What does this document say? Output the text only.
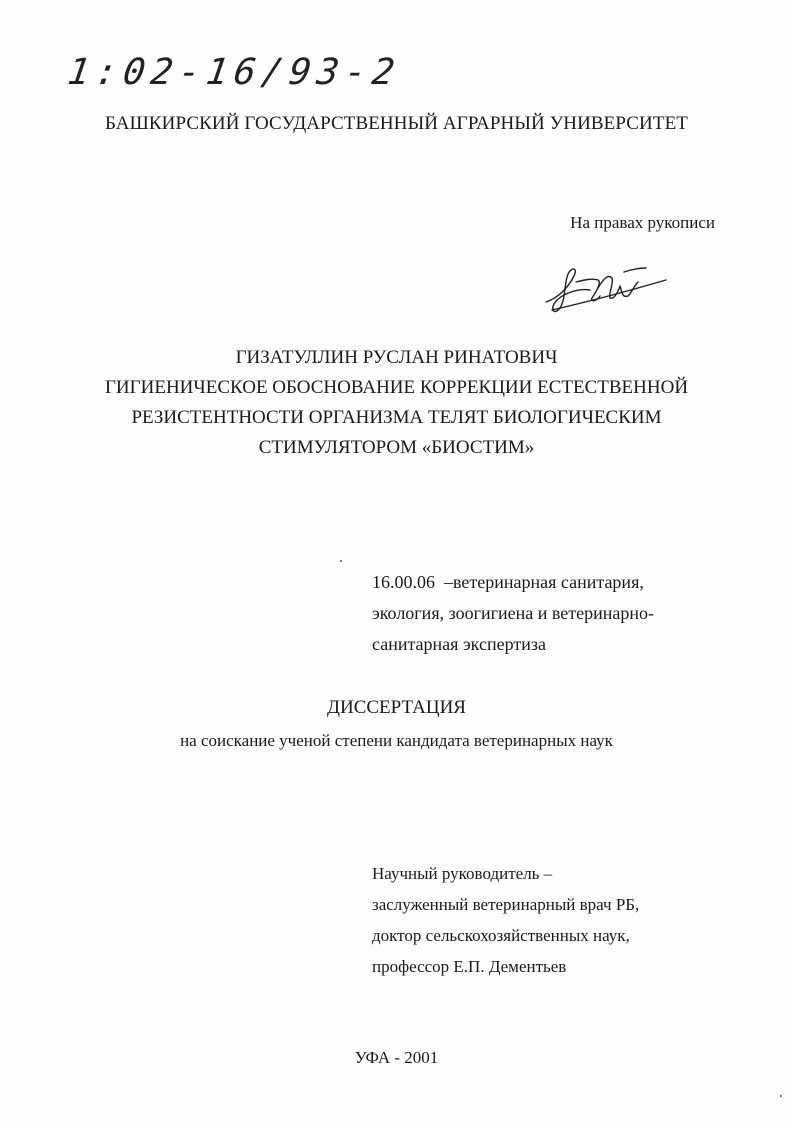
1:02-16/93-2
БАШКИРСКИЙ ГОСУДАРСТВЕННЫЙ АГРАРНЫЙ УНИВЕРСИТЕТ
На правах рукописи
ГИЗАТУЛЛИН РУСЛАН РИНАТОВИЧ
ГИГИЕНИЧЕСКОЕ ОБОСНОВАНИЕ КОРРЕКЦИИ ЕСТЕСТВЕННОЙ
РЕЗИСТЕНТНОСТИ ОРГАНИЗМА ТЕЛЯТ БИОЛОГИЧЕСКИМ
СТИМУЛЯТОРОМ «БИОСТИМ»
16.00.06  –ветеринарная санитария,
экология, зоогигиена и ветеринарно-
санитарная экспертиза
ДИССЕРТАЦИЯ
на соискание ученой степени кандидата ветеринарных наук
Научный руководитель –
заслуженный ветеринарный врач РБ,
доктор сельскохозяйственных наук,
профессор Е.П. Дементьев
УФА - 2001
